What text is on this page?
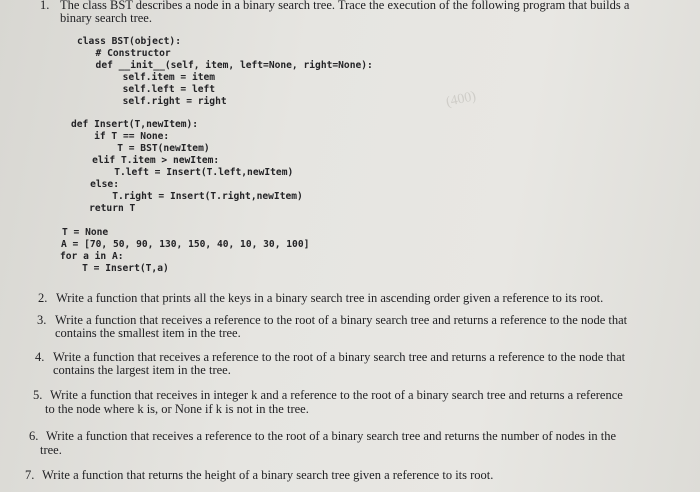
1. The class BST describes a node in a binary search tree. Trace the execution of the following program that builds a
binary search tree.
class BST(object):
# Constructor
def __init__(self, item, left=None, right=None):
self.item = item
self.left = left
self.right = right
def Insert(T,newItem):
if T == None:
T = BST(newItem)
elif T.item > newItem:
T.left = Insert(T.left,newItem)
else:
T.right = Insert(T.right,newItem)
return T
T = None
A = [70, 50, 90, 130, 150, 40, 10, 30, 100]
for a in A:
T = Insert(T,a)
(400)
2. Write a function that prints all the keys in a binary search tree in ascending order given a reference to its root.
3. Write a function that receives a reference to the root of a binary search tree and returns a reference to the node that
contains the smallest item in the tree.
4. Write a function that receives a reference to the root of a binary search tree and returns a reference to the node that
contains the largest item in the tree.
5. Write a function that receives in integer k and a reference to the root of a binary search tree and returns a reference
to the node where k is, or None if k is not in the tree.
6. Write a function that receives a reference to the root of a binary search tree and returns the number of nodes in the
tree.
7. Write a function that returns the height of a binary search tree given a reference to its root.
